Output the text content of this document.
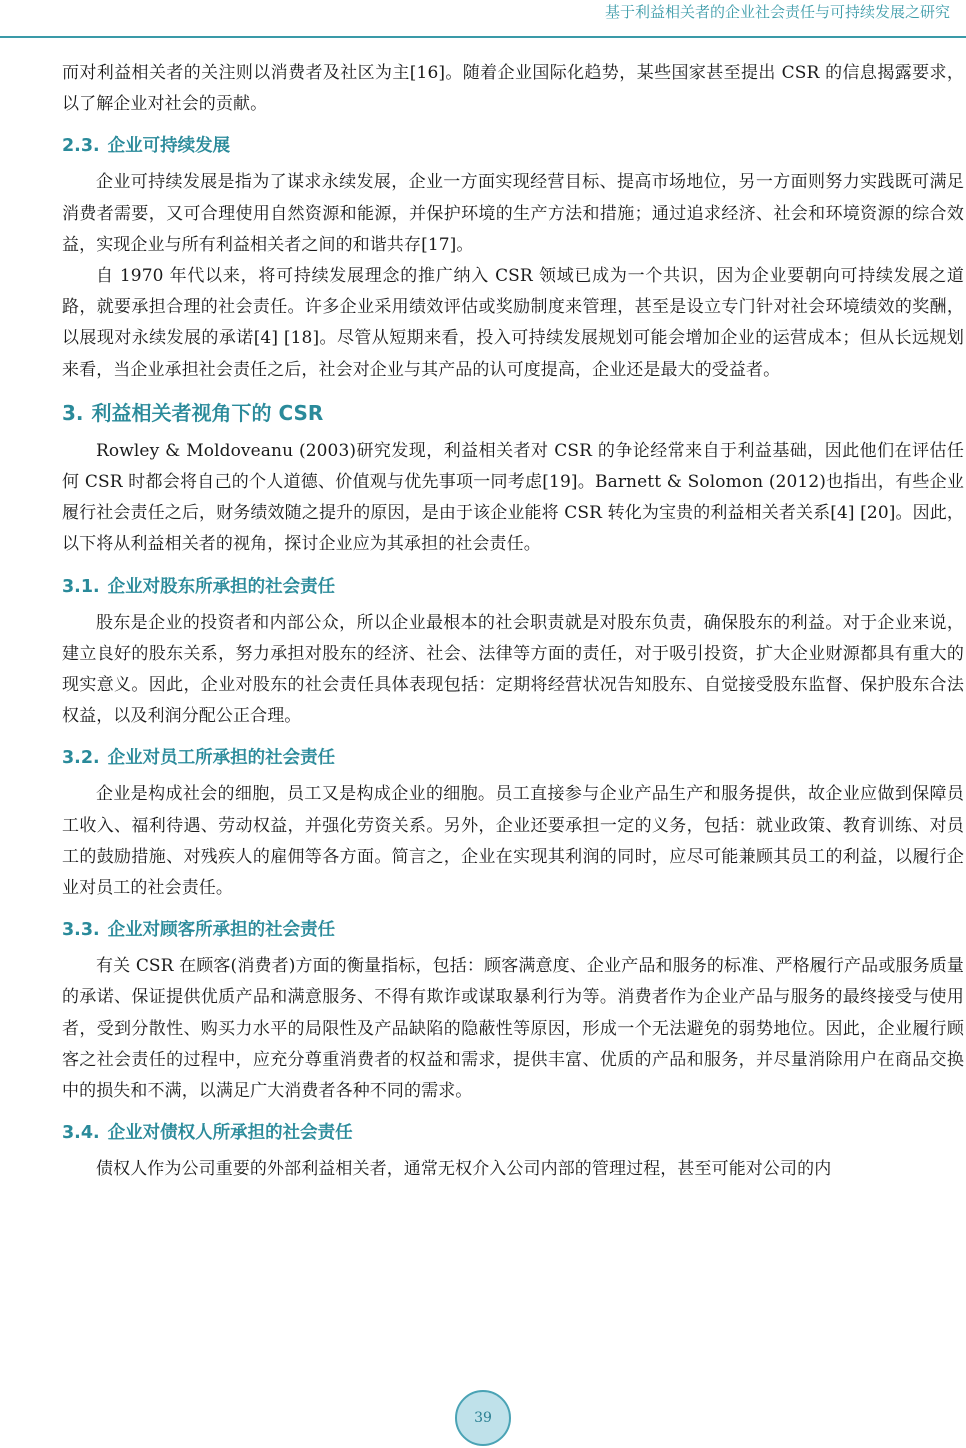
基于利益相关者的企业社会责任与可持续发展之研究

而对利益相关者的关注则以消费者及社区为主[16]。随着企业国际化趋势，某些国家甚至提出 CSR 的信息揭露要求，以了解企业对社会的贡献。

2.3. 企业可持续发展

企业可持续发展是指为了谋求永续发展，企业一方面实现经营目标、提高市场地位，另一方面则努力实践既可满足消费者需要，又可合理使用自然资源和能源，并保护环境的生产方法和措施；通过追求经济、社会和环境资源的综合效益，实现企业与所有利益相关者之间的和谐共存[17]。

自 1970 年代以来，将可持续发展理念的推广纳入 CSR 领域已成为一个共识，因为企业要朝向可持续发展之道路，就要承担合理的社会责任。许多企业采用绩效评估或奖励制度来管理，甚至是设立专门针对社会环境绩效的奖酬，以展现对永续发展的承诺[4] [18]。尽管从短期来看，投入可持续发展规划可能会增加企业的运营成本；但从长远规划来看，当企业承担社会责任之后，社会对企业与其产品的认可度提高，企业还是最大的受益者。

3. 利益相关者视角下的 CSR

Rowley & Moldoveanu (2003)研究发现，利益相关者对 CSR 的争论经常来自于利益基础，因此他们在评估任何 CSR 时都会将自己的个人道德、价值观与优先事项一同考虑[19]。Barnett & Solomon (2012)也指出，有些企业履行社会责任之后，财务绩效随之提升的原因，是由于该企业能将 CSR 转化为宝贵的利益相关者关系[4] [20]。因此，以下将从利益相关者的视角，探讨企业应为其承担的社会责任。

3.1. 企业对股东所承担的社会责任

股东是企业的投资者和内部公众，所以企业最根本的社会职责就是对股东负责，确保股东的利益。对于企业来说，建立良好的股东关系，努力承担对股东的经济、社会、法律等方面的责任，对于吸引投资，扩大企业财源都具有重大的现实意义。因此，企业对股东的社会责任具体表现包括：定期将经营状况告知股东、自觉接受股东监督、保护股东合法权益，以及利润分配公正合理。

3.2. 企业对员工所承担的社会责任

企业是构成社会的细胞，员工又是构成企业的细胞。员工直接参与企业产品生产和服务提供，故企业应做到保障员工收入、福利待遇、劳动权益，并强化劳资关系。另外，企业还要承担一定的义务，包括：就业政策、教育训练、对员工的鼓励措施、对残疾人的雇佣等各方面。简言之，企业在实现其利润的同时，应尽可能兼顾其员工的利益，以履行企业对员工的社会责任。

3.3. 企业对顾客所承担的社会责任

有关 CSR 在顾客(消费者)方面的衡量指标，包括：顾客满意度、企业产品和服务的标准、严格履行产品或服务质量的承诺、保证提供优质产品和满意服务、不得有欺诈或谋取暴利行为等。消费者作为企业产品与服务的最终接受与使用者，受到分散性、购买力水平的局限性及产品缺陷的隐蔽性等原因，形成一个无法避免的弱势地位。因此，企业履行顾客之社会责任的过程中，应充分尊重消费者的权益和需求，提供丰富、优质的产品和服务，并尽量消除用户在商品交换中的损失和不满，以满足广大消费者各种不同的需求。

3.4. 企业对债权人所承担的社会责任

债权人作为公司重要的外部利益相关者，通常无权介入公司内部的管理过程，甚至可能对公司的内

39
